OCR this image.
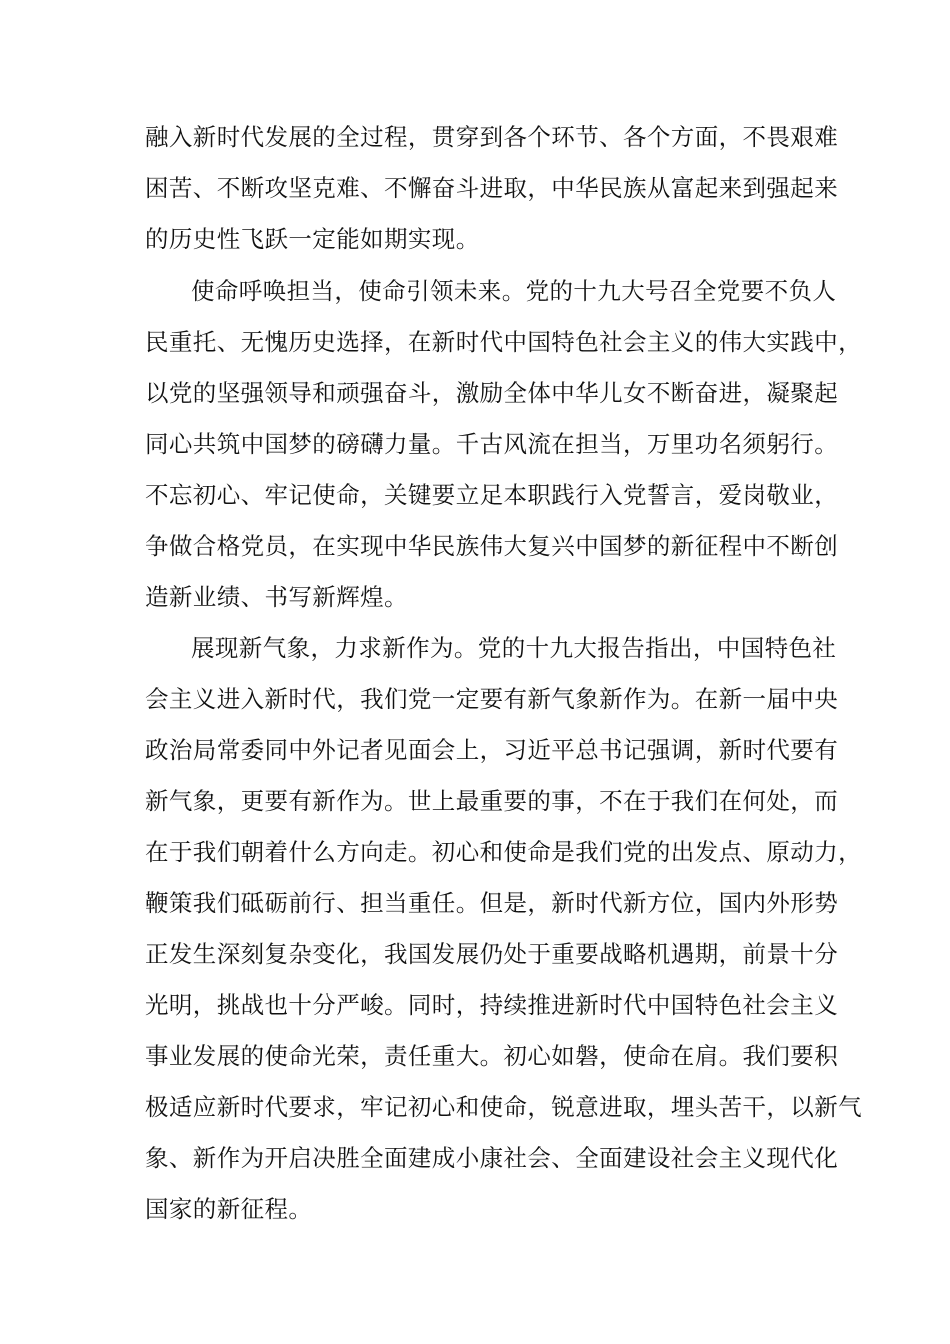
融入新时代发展的全过程，贯穿到各个环节、各个方面，不畏艰难
困苦、不断攻坚克难、不懈奋斗进取，中华民族从富起来到强起来
的历史性飞跃一定能如期实现。
使命呼唤担当，使命引领未来。党的十九大号召全党要不负人
民重托、无愧历史选择，在新时代中国特色社会主义的伟大实践中，
以党的坚强领导和顽强奋斗，激励全体中华儿女不断奋进，凝聚起
同心共筑中国梦的磅礴力量。千古风流在担当，万里功名须躬行。
不忘初心、牢记使命，关键要立足本职践行入党誓言，爱岗敬业，
争做合格党员，在实现中华民族伟大复兴中国梦的新征程中不断创
造新业绩、书写新辉煌。
展现新气象，力求新作为。党的十九大报告指出，中国特色社
会主义进入新时代，我们党一定要有新气象新作为。在新一届中央
政治局常委同中外记者见面会上，习近平总书记强调，新时代要有
新气象，更要有新作为。世上最重要的事，不在于我们在何处，而
在于我们朝着什么方向走。初心和使命是我们党的出发点、原动力，
鞭策我们砥砺前行、担当重任。但是，新时代新方位，国内外形势
正发生深刻复杂变化，我国发展仍处于重要战略机遇期，前景十分
光明，挑战也十分严峻。同时，持续推进新时代中国特色社会主义
事业发展的使命光荣，责任重大。初心如磐，使命在肩。我们要积
极适应新时代要求，牢记初心和使命，锐意进取，埋头苦干，以新气
象、新作为开启决胜全面建成小康社会、全面建设社会主义现代化
国家的新征程。
